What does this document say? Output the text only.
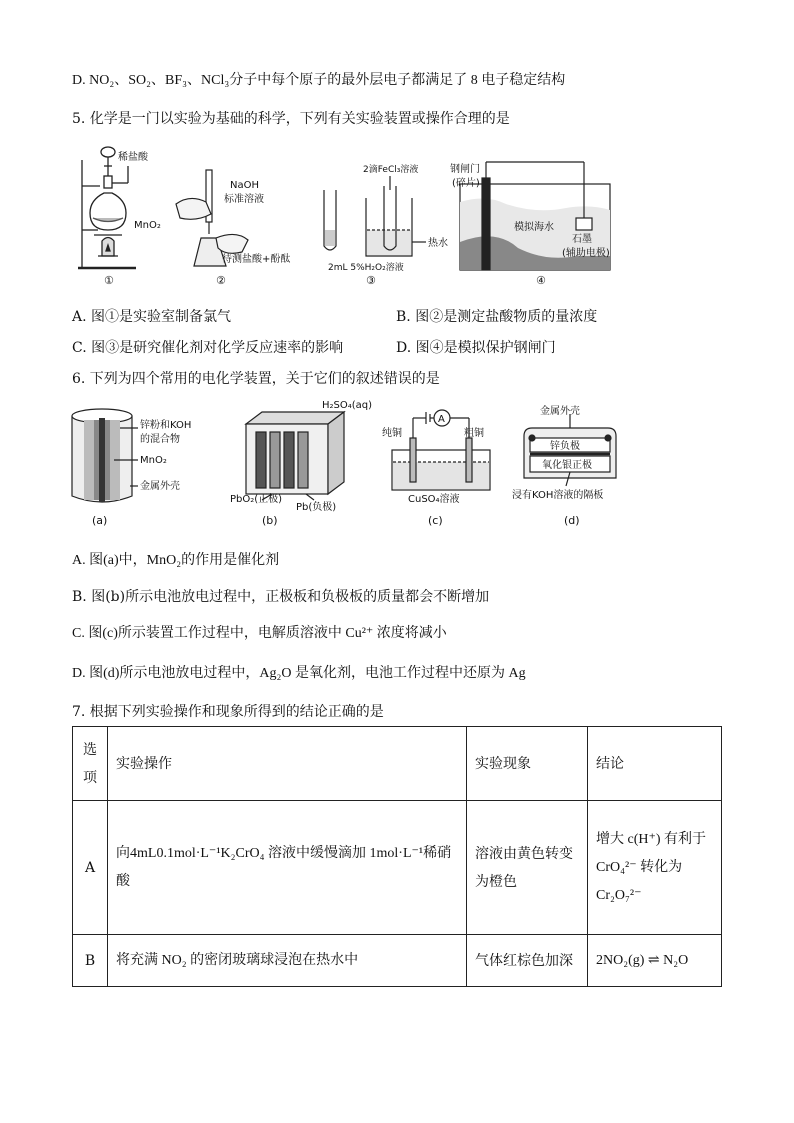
D. NO₂、SO₂、BF₃、NCl₃分子中每个原子的最外层电子都满足了 8 电子稳定结构
5. 化学是一门以实验为基础的科学，下列有关实验装置或操作合理的是
稀盐酸
MnO₂
①
NaOH
标准溶液
待测盐酸+酚酞
②
2滴FeCl₃溶液
热水
2mL 5%H₂O₂溶液
③
钢闸门
(碎片)
模拟海水
石墨
(辅助电极)
④
A. 图①是实验室制备氯气	B. 图②是测定盐酸物质的量浓度
C. 图③是研究催化剂对化学反应速率的影响	D. 图④是模拟保护钢闸门
6. 下列为四个常用的电化学装置，关于它们的叙述错误的是
锌粉和KOH
的混合物
MnO₂
金属外壳
(a)
H₂SO₄(aq)
PbO₂(正极)
Pb(负极)
(b)
A
纯铜	粗铜
CuSO₄溶液
(c)
金属外壳
锌负极
氧化银正极
浸有KOH溶液的隔板
(d)
A. 图(a)中，MnO₂的作用是催化剂
B. 图(b)所示电池放电过程中，正极板和负极板的质量都会不断增加
C. 图(c)所示装置工作过程中，电解质溶液中 Cu²⁺ 浓度将减小
D. 图(d)所示电池放电过程中，Ag₂O 是氧化剂，电池工作过程中还原为 Ag
7. 根据下列实验操作和现象所得到的结论正确的是
选项	实验操作	实验现象	结论
A	向4mL0.1mol·L⁻¹K₂CrO₄ 溶液中缓慢滴加 1mol·L⁻¹稀硝酸	溶液由黄色转变为橙色	增大 c(H⁺) 有利于 CrO₄²⁻ 转化为 Cr₂O₇²⁻
B	将充满 NO₂ 的密闭玻璃球浸泡在热水中	气体红棕色加深	2NO₂(g) ⇌ N₂O
